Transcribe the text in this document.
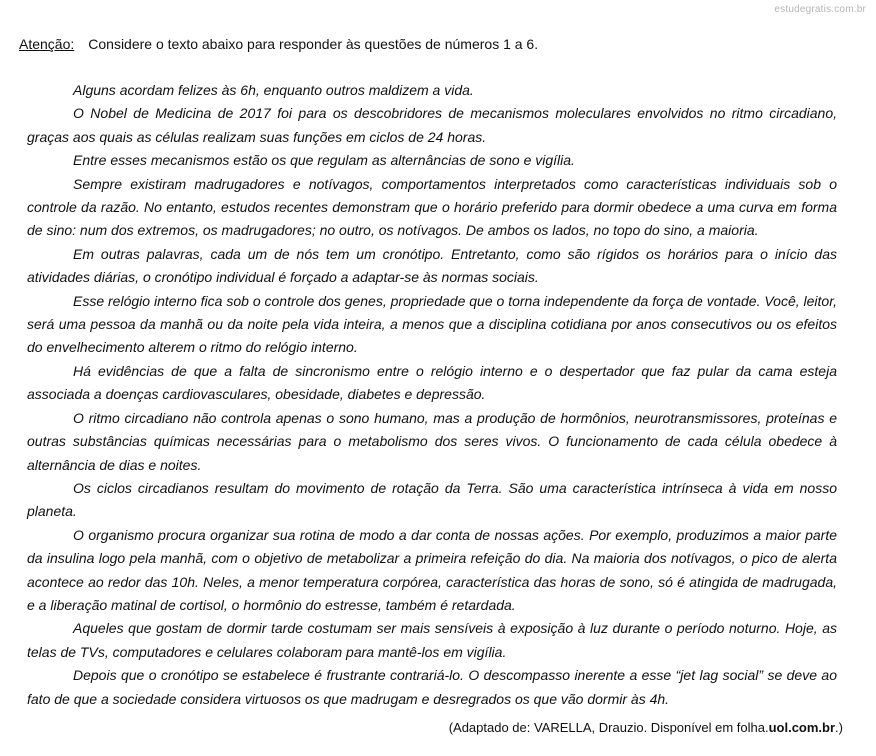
estudegratis.com.br
Atenção: Considere o texto abaixo para responder às questões de números 1 a 6.

Alguns acordam felizes às 6h, enquanto outros maldizem a vida.

O Nobel de Medicina de 2017 foi para os descobridores de mecanismos moleculares envolvidos no ritmo circadiano, graças aos quais as células realizam suas funções em ciclos de 24 horas.

Entre esses mecanismos estão os que regulam as alternâncias de sono e vigília.

Sempre existiram madrugadores e notívagos, comportamentos interpretados como características individuais sob o controle da razão. No entanto, estudos recentes demonstram que o horário preferido para dormir obedece a uma curva em forma de sino: num dos extremos, os madrugadores; no outro, os notívagos. De ambos os lados, no topo do sino, a maioria.

Em outras palavras, cada um de nós tem um cronótipo. Entretanto, como são rígidos os horários para o início das atividades diárias, o cronótipo individual é forçado a adaptar-se às normas sociais.

Esse relógio interno fica sob o controle dos genes, propriedade que o torna independente da força de vontade. Você, leitor, será uma pessoa da manhã ou da noite pela vida inteira, a menos que a disciplina cotidiana por anos consecutivos ou os efeitos do envelhecimento alterem o ritmo do relógio interno.

Há evidências de que a falta de sincronismo entre o relógio interno e o despertador que faz pular da cama esteja associada a doenças cardiovasculares, obesidade, diabetes e depressão.

O ritmo circadiano não controla apenas o sono humano, mas a produção de hormônios, neurotransmissores, proteínas e outras substâncias químicas necessárias para o metabolismo dos seres vivos. O funcionamento de cada célula obedece à alternância de dias e noites.

Os ciclos circadianos resultam do movimento de rotação da Terra. São uma característica intrínseca à vida em nosso planeta.

O organismo procura organizar sua rotina de modo a dar conta de nossas ações. Por exemplo, produzimos a maior parte da insulina logo pela manhã, com o objetivo de metabolizar a primeira refeição do dia. Na maioria dos notívagos, o pico de alerta acontece ao redor das 10h. Neles, a menor temperatura corpórea, característica das horas de sono, só é atingida de madrugada, e a liberação matinal de cortisol, o hormônio do estresse, também é retardada.

Aqueles que gostam de dormir tarde costumam ser mais sensíveis à exposição à luz durante o período noturno. Hoje, as telas de TVs, computadores e celulares colaboram para mantê-los em vigília.

Depois que o cronótipo se estabelece é frustrante contrariá-lo. O descompasso inerente a esse “jet lag social” se deve ao fato de que a sociedade considera virtuosos os que madrugam e desregrados os que vão dormir às 4h.

(Adaptado de: VARELLA, Drauzio. Disponível em folha.uol.com.br.)
